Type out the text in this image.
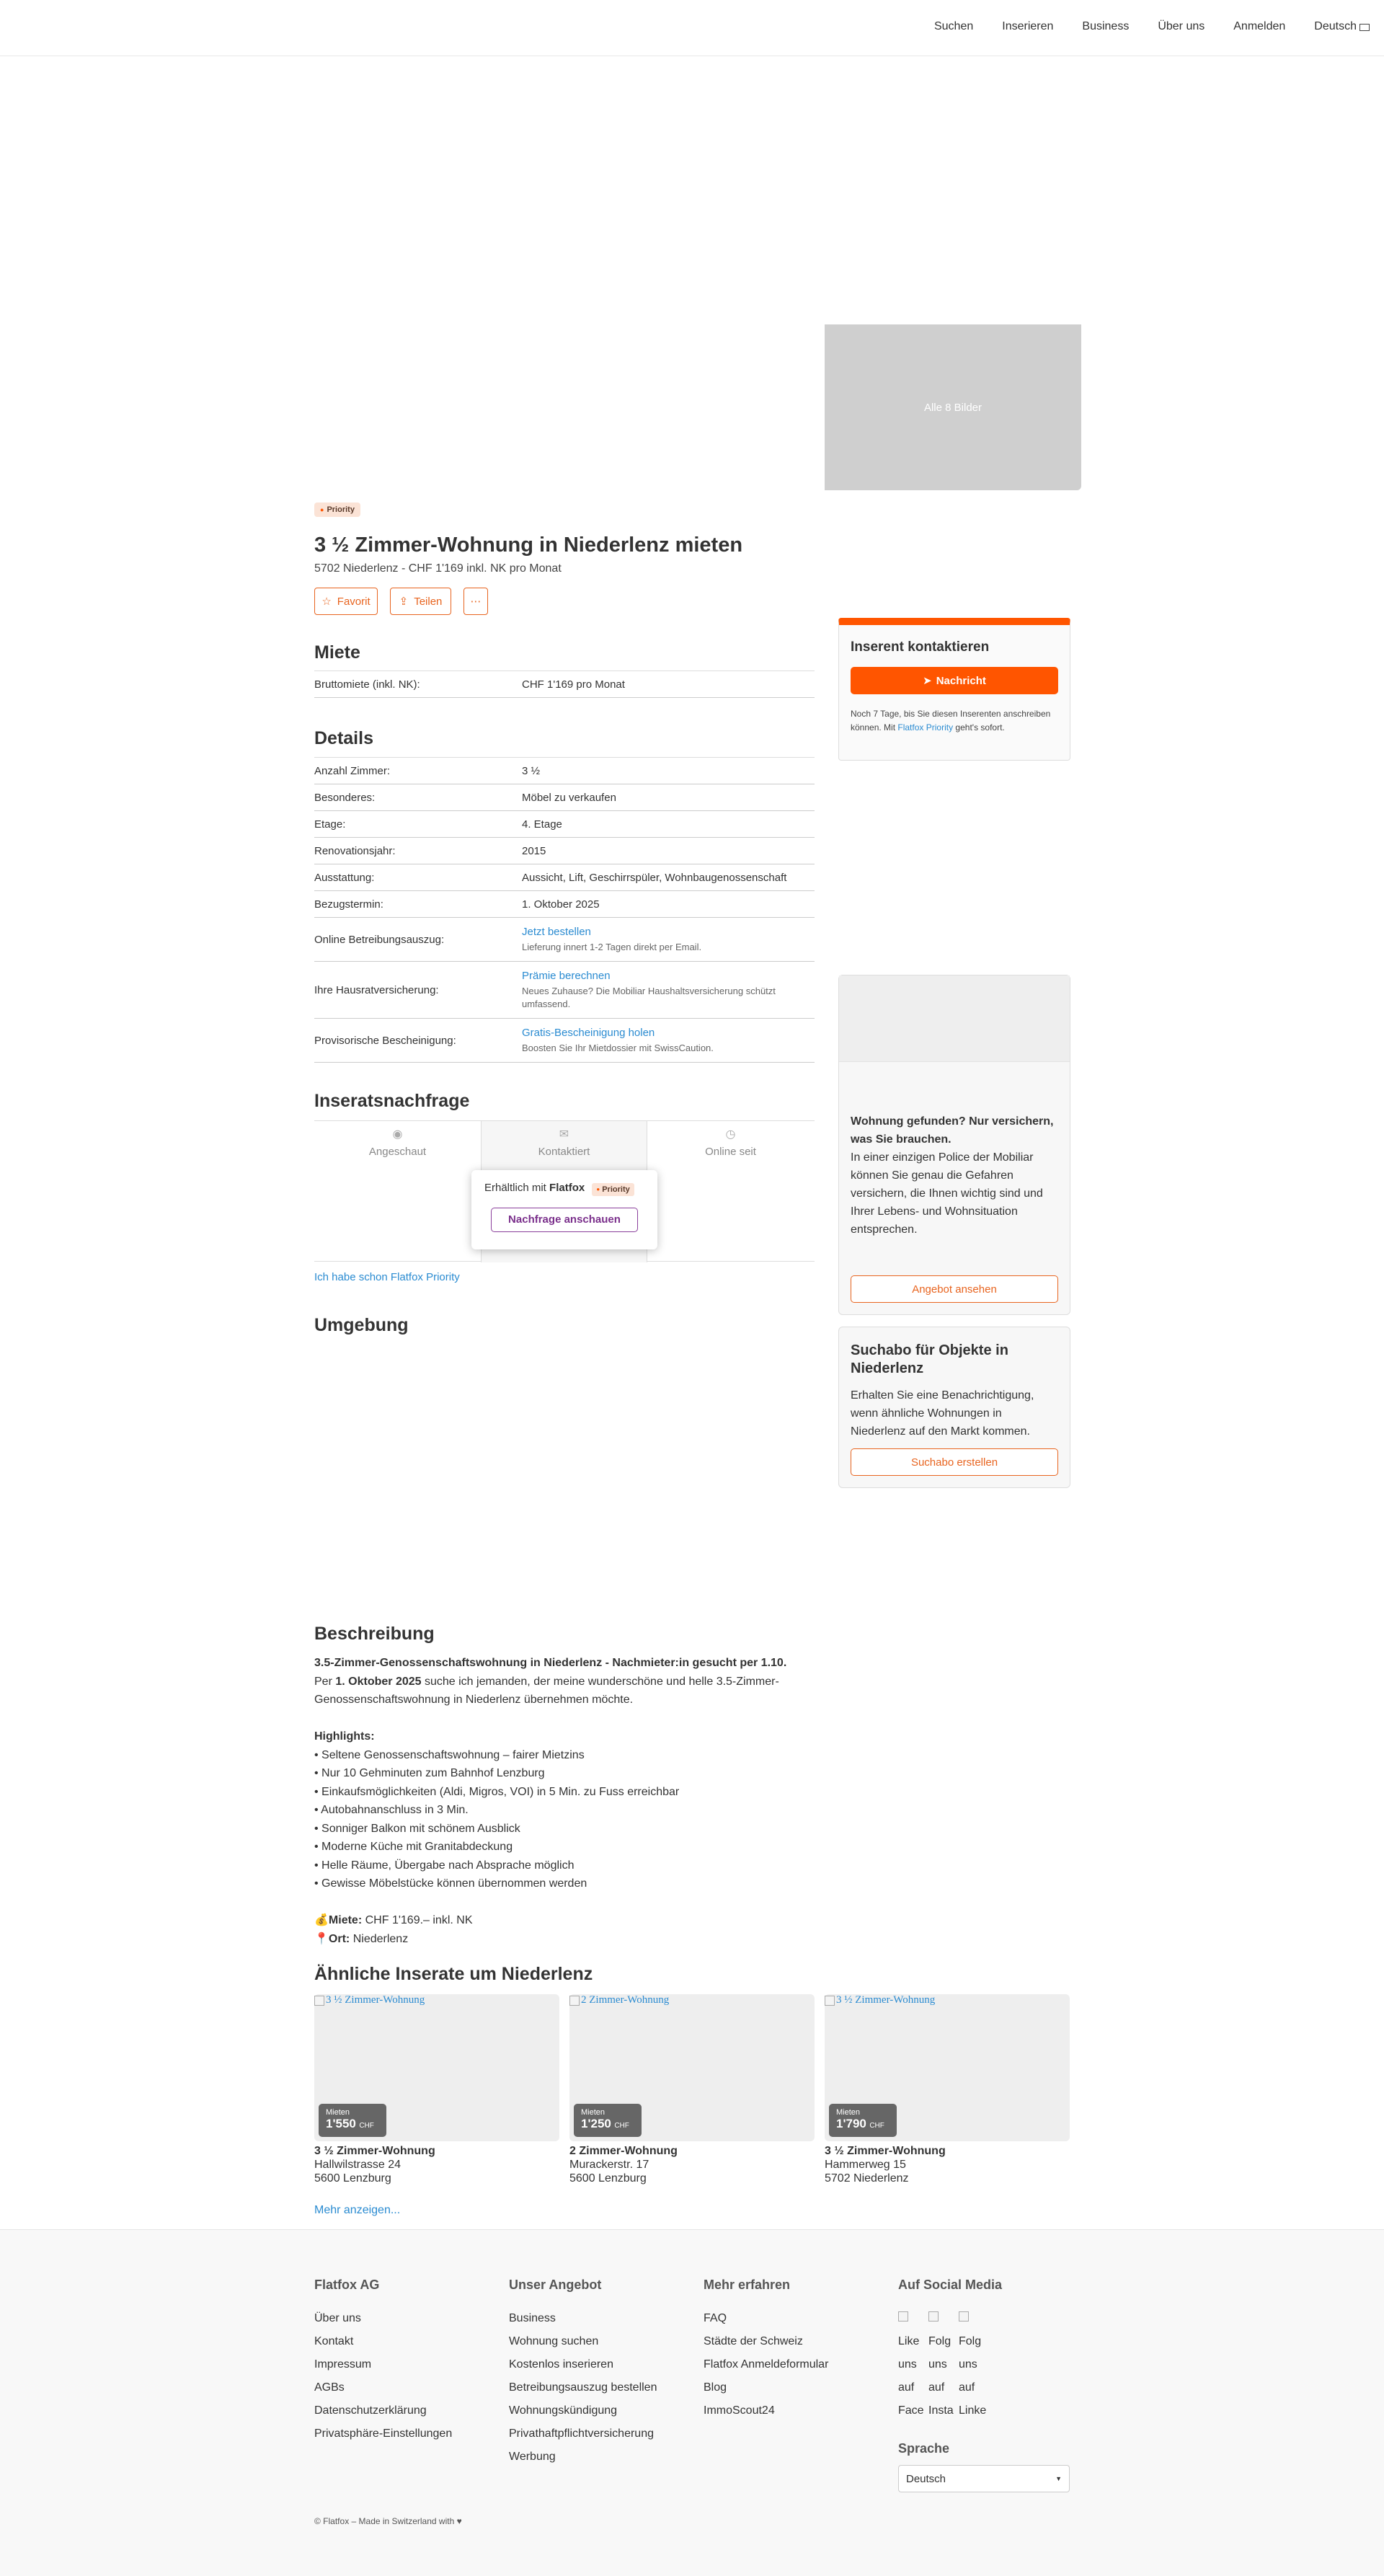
Suchen	Inserieren	Business	Über uns	Anmelden	Deutsch
Alle 8 Bilder
● Priority
3 ½ Zimmer-Wohnung in Niederlenz mieten
5702 Niederlenz - CHF 1'169 inkl. NK pro Monat
☆ Favorit	⇪ Teilen	⋯
Miete
Bruttomiete (inkl. NK):	CHF 1'169 pro Monat
Details
Anzahl Zimmer:	3 ½
Besonderes:	Möbel zu verkaufen
Etage:	4. Etage
Renovationsjahr:	2015
Ausstattung:	Aussicht, Lift, Geschirrspüler, Wohnbaugenossenschaft
Bezugstermin:	1. Oktober 2025
Online Betreibungsauszug:
Jetzt bestellen
Lieferung innert 1-2 Tagen direkt per Email.
Ihre Hausratversicherung:
Prämie berechnen
Neues Zuhause? Die Mobiliar Haushaltsversicherung schützt umfassend.
Provisorische Bescheinigung:
Gratis-Bescheinigung holen
Boosten Sie Ihr Mietdossier mit SwissCaution.
Inseratsnachfrage
◉
Angeschaut
✉
Kontaktiert
◷
Online seit
Erhältlich mit Flatfox ● Priority
Nachfrage anschauen
Ich habe schon Flatfox Priority
Umgebung
Inserent kontaktieren
➤ Nachricht
Noch 7 Tage, bis Sie diesen Inserenten anschreiben können. Mit Flatfox Priority geht's sofort.
Wohnung gefunden? Nur versichern, was Sie brauchen.
In einer einzigen Police der Mobiliar können Sie genau die Gefahren versichern, die Ihnen wichtig sind und Ihrer Lebens- und Wohnsituation entsprechen.
Angebot ansehen
Suchabo für Objekte in Niederlenz

Erhalten Sie eine Benachrichtigung, wenn ähnliche Wohnungen in Niederlenz auf den Markt kommen.

Suchabo erstellen
Beschreibung

3.5-Zimmer-Genossenschaftswohnung in Niederlenz - Nachmieter:in gesucht per 1.10.

Per 1. Oktober 2025 suche ich jemanden, der meine wunderschöne und helle 3.5-Zimmer-Genossenschaftswohnung in Niederlenz übernehmen möchte.

Highlights:

• Seltene Genossenschaftswohnung – fairer Mietzins

• Nur 10 Gehminuten zum Bahnhof Lenzburg

• Einkaufsmöglichkeiten (Aldi, Migros, VOI) in 5 Min. zu Fuss erreichbar

• Autobahnanschluss in 3 Min.

• Sonniger Balkon mit schönem Ausblick

• Moderne Küche mit Granitabdeckung

• Helle Räume, Übergabe nach Absprache möglich

• Gewisse Möbelstücke können übernommen werden

💰Miete: CHF 1'169.– inkl. NK

📍Ort: Niederlenz

Ähnliche Inserate um Niederlenz
3 ½ Zimmer-Wohnung
Mieten
1'550 CHF
3 ½ Zimmer-Wohnung
Hallwilstrasse 24
5600 Lenzburg
2 Zimmer-Wohnung
Mieten
1'250 CHF
2 Zimmer-Wohnung
Murackerstr. 17
5600 Lenzburg
3 ½ Zimmer-Wohnung
Mieten
1'790 CHF
3 ½ Zimmer-Wohnung
Hammerweg 15
5702 Niederlenz
Mehr anzeigen...
Flatfox AG
Über uns
Kontakt
Impressum
AGBs
Datenschutzerklärung
Privatsphäre-Einstellungen
Unser Angebot
Business
Wohnung suchen
Kostenlos inserieren
Betreibungsauszug bestellen
Wohnungskündigung
Privathaftpflichtversicherung
Werbung
Mehr erfahren
FAQ
Städte der Schweiz
Flatfox Anmeldeformular
Blog
ImmoScout24
Auf Social Media

Like
uns
auf
Face

Folg
uns
auf
Insta

Folg
uns
auf
Linke
Sprache
Deutsch	▼
© Flatfox – Made in Switzerland with ♥
